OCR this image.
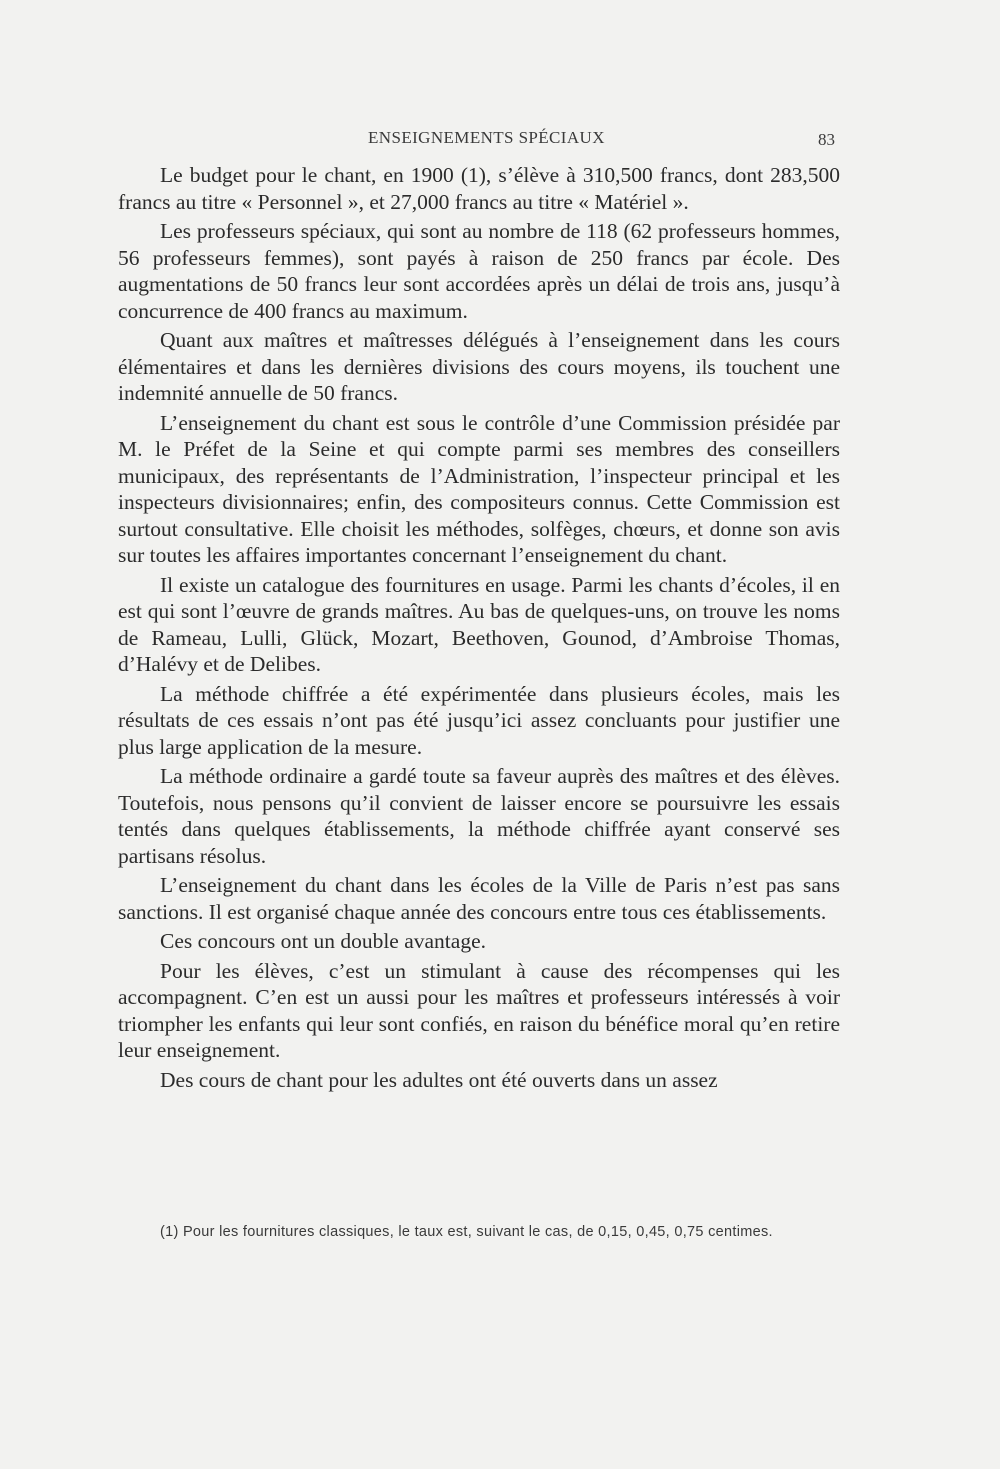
ENSEIGNEMENTS SPÉCIAUX	83

Le budget pour le chant, en 1900 (1), s’élève à 310,500 francs, dont 283,500 francs au titre « Personnel », et 27,000 francs au titre « Matériel ».

Les professeurs spéciaux, qui sont au nombre de 118 (62 professeurs hommes, 56 professeurs femmes), sont payés à raison de 250 francs par école. Des augmentations de 50 francs leur sont accordées après un délai de trois ans, jusqu’à concurrence de 400 francs au maximum.

Quant aux maîtres et maîtresses délégués à l’enseignement dans les cours élémentaires et dans les dernières divisions des cours moyens, ils touchent une indemnité annuelle de 50 francs.

L’enseignement du chant est sous le contrôle d’une Commission présidée par M. le Préfet de la Seine et qui compte parmi ses membres des conseillers municipaux, des représentants de l’Administration, l’inspecteur principal et les inspecteurs divisionnaires; enfin, des compositeurs connus. Cette Commission est surtout consultative. Elle choisit les méthodes, solfèges, chœurs, et donne son avis sur toutes les affaires importantes concernant l’enseignement du chant.

Il existe un catalogue des fournitures en usage. Parmi les chants d’écoles, il en est qui sont l’œuvre de grands maîtres. Au bas de quelques-uns, on trouve les noms de Rameau, Lulli, Glück, Mozart, Beethoven, Gounod, d’Ambroise Thomas, d’Halévy et de Delibes.

La méthode chiffrée a été expérimentée dans plusieurs écoles, mais les résultats de ces essais n’ont pas été jusqu’ici assez concluants pour justifier une plus large application de la mesure.

La méthode ordinaire a gardé toute sa faveur auprès des maîtres et des élèves. Toutefois, nous pensons qu’il convient de laisser encore se poursuivre les essais tentés dans quelques établissements, la méthode chiffrée ayant conservé ses partisans résolus.

L’enseignement du chant dans les écoles de la Ville de Paris n’est pas sans sanctions. Il est organisé chaque année des concours entre tous ces établissements.

Ces concours ont un double avantage.

Pour les élèves, c’est un stimulant à cause des récompenses qui les accompagnent. C’en est un aussi pour les maîtres et professeurs intéressés à voir triompher les enfants qui leur sont confiés, en raison du bénéfice moral qu’en retire leur enseignement.

Des cours de chant pour les adultes ont été ouverts dans un assez

(1) Pour les fournitures classiques, le taux est, suivant le cas, de 0,15, 0,45, 0,75 centimes.
